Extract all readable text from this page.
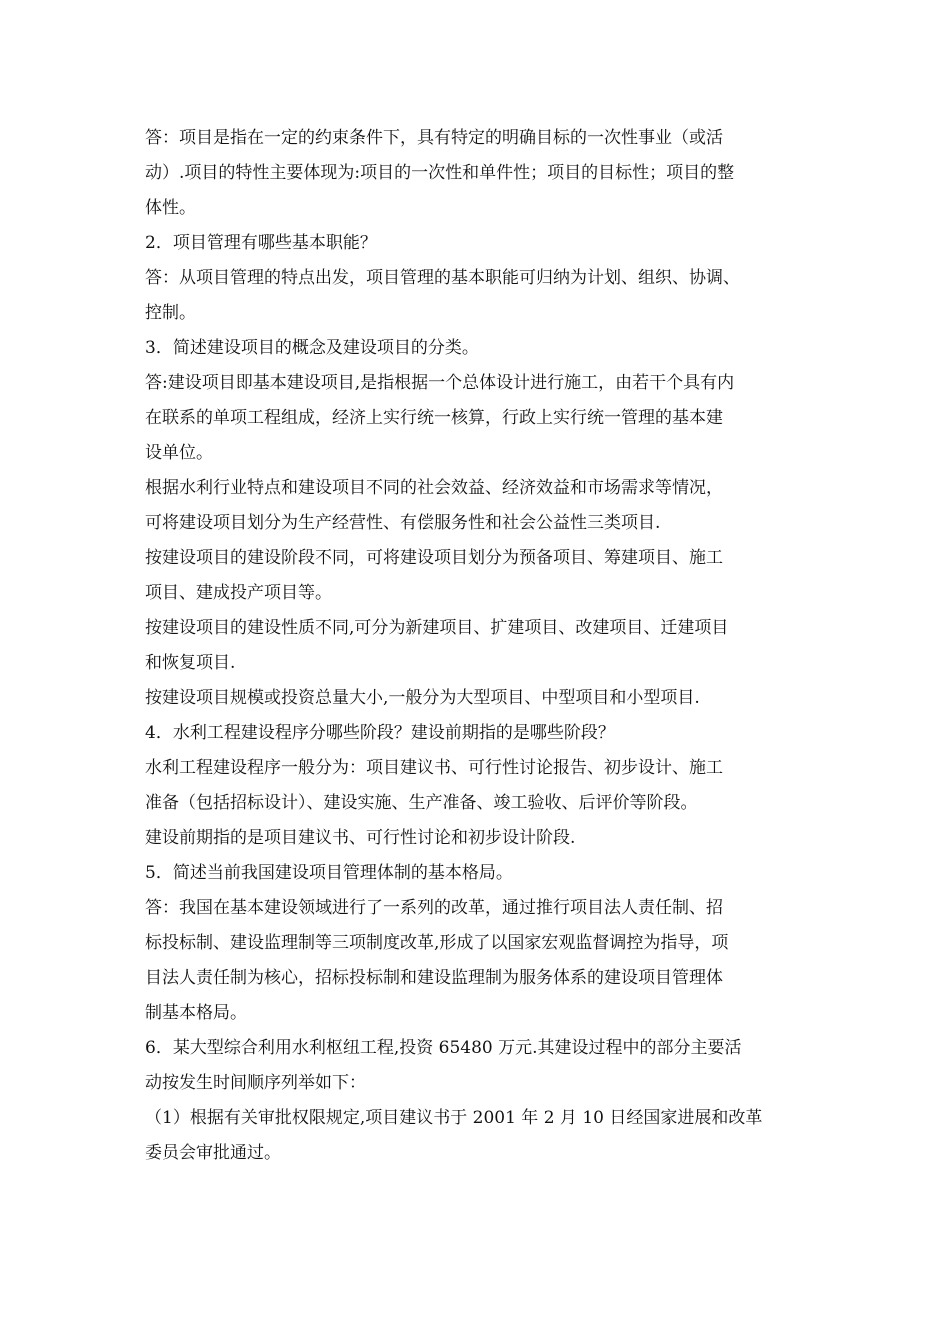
答：项目是指在一定的约束条件下，具有特定的明确目标的一次性事业（或活
动）.项目的特性主要体现为:项目的一次性和单件性；项目的目标性；项目的整
体性。
2．项目管理有哪些基本职能？
答：从项目管理的特点出发，项目管理的基本职能可归纳为计划、组织、协调、
控制。
3．简述建设项目的概念及建设项目的分类。
答:建设项目即基本建设项目,是指根据一个总体设计进行施工，由若干个具有内
在联系的单项工程组成，经济上实行统一核算，行政上实行统一管理的基本建
设单位。
根据水利行业特点和建设项目不同的社会效益、经济效益和市场需求等情况，
可将建设项目划分为生产经营性、有偿服务性和社会公益性三类项目.
按建设项目的建设阶段不同，可将建设项目划分为预备项目、筹建项目、施工
项目、建成投产项目等。
按建设项目的建设性质不同,可分为新建项目、扩建项目、改建项目、迁建项目
和恢复项目.
按建设项目规模或投资总量大小,一般分为大型项目、中型项目和小型项目.
4．水利工程建设程序分哪些阶段？建设前期指的是哪些阶段？
水利工程建设程序一般分为：项目建议书、可行性讨论报告、初步设计、施工
准备（包括招标设计）、建设实施、生产准备、竣工验收、后评价等阶段。
建设前期指的是项目建议书、可行性讨论和初步设计阶段.
5．简述当前我国建设项目管理体制的基本格局。
答：我国在基本建设领域进行了一系列的改革，通过推行项目法人责任制、招
标投标制、建设监理制等三项制度改革,形成了以国家宏观监督调控为指导，项
目法人责任制为核心，招标投标制和建设监理制为服务体系的建设项目管理体
制基本格局。
6．某大型综合利用水利枢纽工程,投资 65480 万元.其建设过程中的部分主要活
动按发生时间顺序列举如下：
（1）根据有关审批权限规定,项目建议书于 2001 年 2 月 10 日经国家进展和改革
委员会审批通过。
